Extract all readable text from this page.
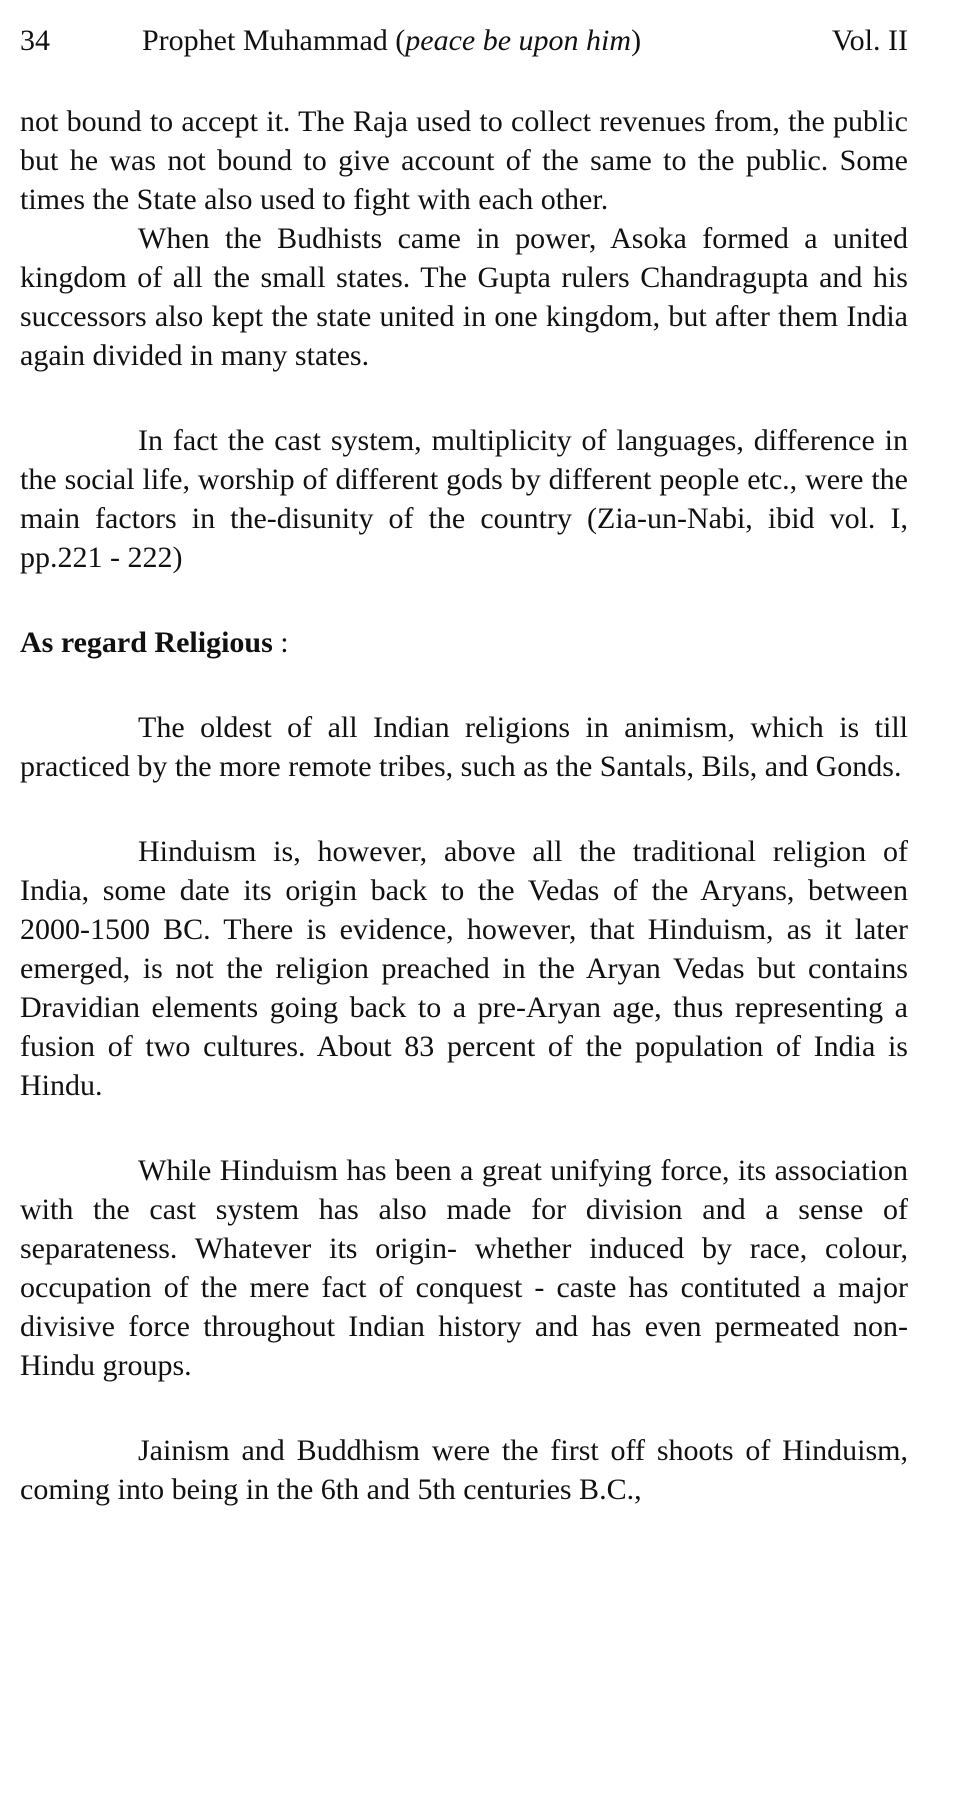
34	Prophet Muhammad (peace be upon him)	Vol. II

not bound to accept it. The Raja used to collect revenues from, the public but he was not bound to give account of the same to the public. Some times the State also used to fight with each other.

When the Budhists came in power, Asoka formed a united kingdom of all the small states. The Gupta rulers Chandragupta and his successors also kept the state united in one kingdom, but after them India again divided in many states.

In fact the cast system, multiplicity of languages, difference in the social life, worship of different gods by different people etc., were the main factors in the-disunity of the country (Zia-un-Nabi, ibid vol. I, pp.221 - 222)

As regard Religious :

The oldest of all Indian religions in animism, which is till practiced by the more remote tribes, such as the Santals, Bils, and Gonds.

Hinduism is, however, above all the traditional religion of India, some date its origin back to the Vedas of the Aryans, between 2000-1500 BC. There is evidence, however, that Hinduism, as it later emerged, is not the religion preached in the Aryan Vedas but contains Dravidian elements going back to a pre-Aryan age, thus representing a fusion of two cultures. About 83 percent of the population of India is Hindu.

While Hinduism has been a great unifying force, its association with the cast system has also made for division and a sense of separateness. Whatever its origin- whether induced by race, colour, occupation of the mere fact of conquest - caste has contituted a major divisive force throughout Indian history and has even permeated non-Hindu groups.

Jainism and Buddhism were the first off shoots of Hinduism, coming into being in the 6th and 5th centuries B.C.,
